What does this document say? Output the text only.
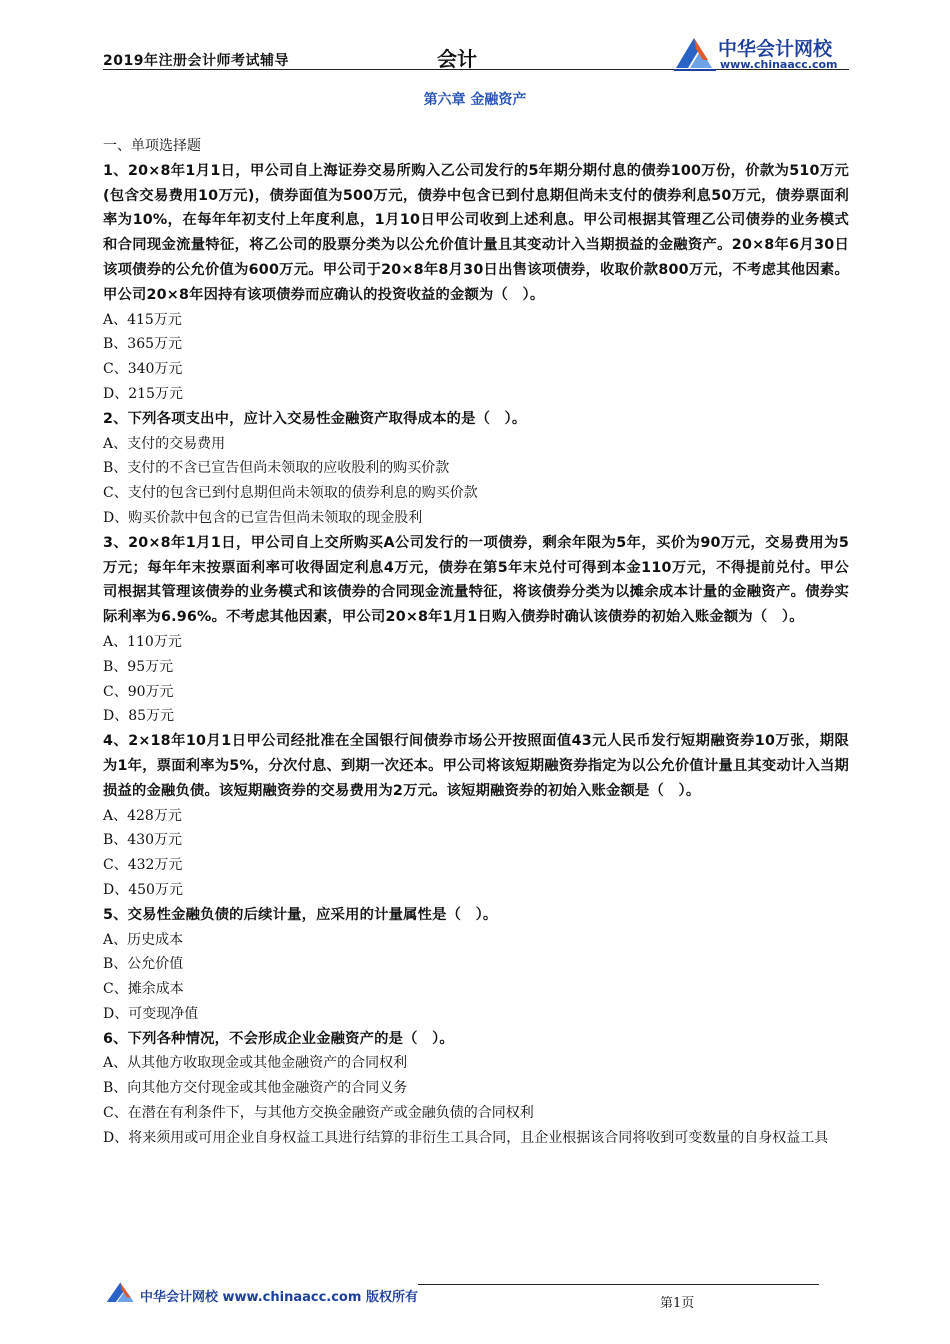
2019年注册会计师考试辅导	会计	中华会计网校
www.chinaacc.com
第六章 金融资产
一、单项选择题
1、20×8年1月1日，甲公司自上海证券交易所购入乙公司发行的5年期分期付息的债券100万份，价款为510万元(包含交易费用10万元)，债券面值为500万元，债券中包含已到付息期但尚未支付的债券利息50万元，债券票面利率为10%，在每年年初支付上年度利息，1月10日甲公司收到上述利息。甲公司根据其管理乙公司债券的业务模式和合同现金流量特征，将乙公司的股票分类为以公允价值计量且其变动计入当期损益的金融资产。20×8年6月30日该项债券的公允价值为600万元。甲公司于20×8年8月30日出售该项债券，收取价款800万元，不考虑其他因素。甲公司20×8年因持有该项债券而应确认的投资收益的金额为（　）。
A、415万元
B、365万元
C、340万元
D、215万元
2、下列各项支出中，应计入交易性金融资产取得成本的是（　）。
A、支付的交易费用
B、支付的不含已宣告但尚未领取的应收股利的购买价款
C、支付的包含已到付息期但尚未领取的债券利息的购买价款
D、购买价款中包含的已宣告但尚未领取的现金股利
3、20×8年1月1日，甲公司自上交所购买A公司发行的一项债券，剩余年限为5年，买价为90万元，交易费用为5万元；每年年末按票面利率可收得固定利息4万元，债券在第5年末兑付可得到本金110万元，不得提前兑付。甲公司根据其管理该债券的业务模式和该债券的合同现金流量特征，将该债券分类为以摊余成本计量的金融资产。债券实际利率为6.96%。不考虑其他因素，甲公司20×8年1月1日购入债券时确认该债券的初始入账金额为（　）。
A、110万元
B、95万元
C、90万元
D、85万元
4、2×18年10月1日甲公司经批准在全国银行间债券市场公开按照面值43元人民币发行短期融资券10万张，期限为1年，票面利率为5%，分次付息、到期一次还本。甲公司将该短期融资券指定为以公允价值计量且其变动计入当期损益的金融负债。该短期融资券的交易费用为2万元。该短期融资券的初始入账金额是（　）。
A、428万元
B、430万元
C、432万元
D、450万元
5、交易性金融负债的后续计量，应采用的计量属性是（　）。
A、历史成本
B、公允价值
C、摊余成本
D、可变现净值
6、下列各种情况，不会形成企业金融资产的是（　）。
A、从其他方收取现金或其他金融资产的合同权利
B、向其他方交付现金或其他金融资产的合同义务
C、在潜在有利条件下，与其他方交换金融资产或金融负债的合同权利
D、将来须用或可用企业自身权益工具进行结算的非衍生工具合同，且企业根据该合同将收到可变数量的自身权益工具
中华会计网校 www.chinaacc.com 版权所有	第1页
